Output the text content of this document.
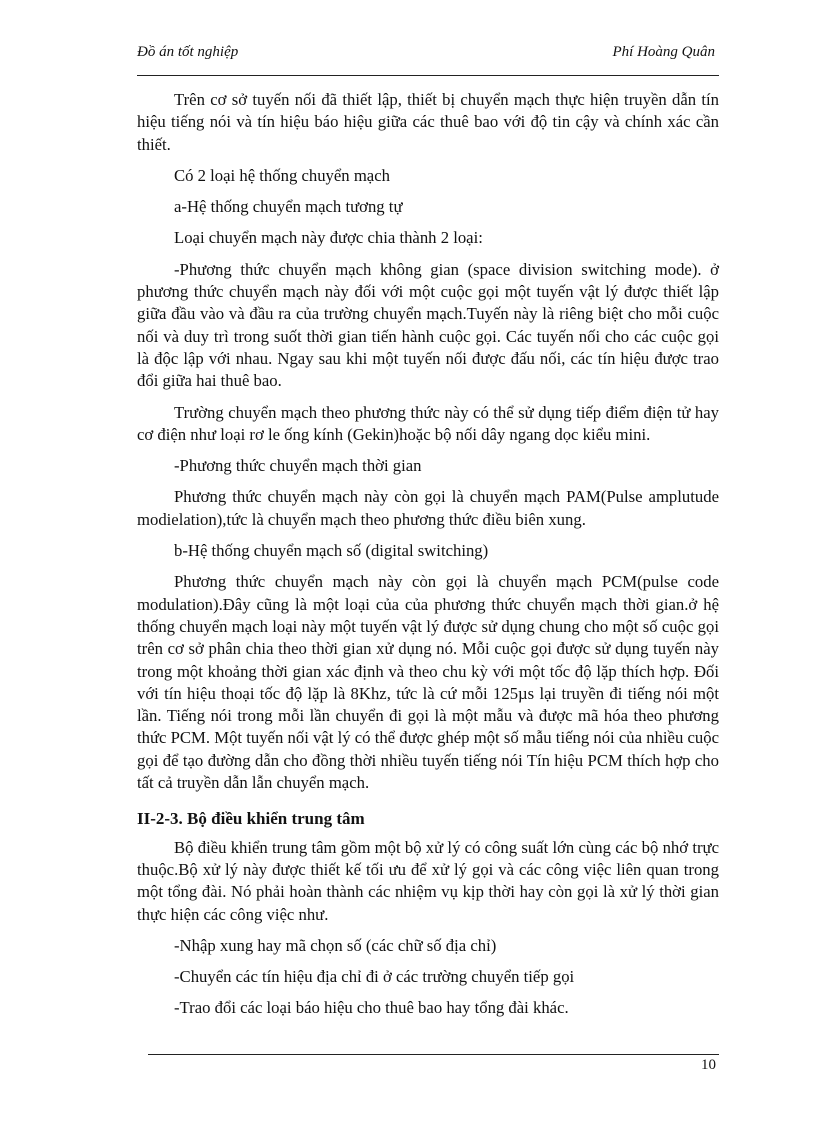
Đồ án tốt nghiệp	Phí Hoàng Quân

Trên cơ sở tuyến nối đã thiết lập, thiết bị chuyển mạch thực hiện truyền dẫn tín hiệu tiếng nói và tín hiệu báo hiệu giữa các thuê bao với độ tin cậy và chính xác cần thiết.

Có 2 loại hệ thống chuyển mạch

a-Hệ thống chuyển mạch tương tự

Loại chuyển mạch này được chia thành 2 loại:

-Phương thức chuyển mạch không gian (space division switching mode). ở phương thức chuyển mạch này đối với một cuộc gọi một tuyến vật lý được thiết lập giữa đầu vào và đầu ra của trường chuyển mạch.Tuyến này là riêng biệt cho mỗi cuộc nối và duy trì trong suốt thời gian tiến hành cuộc gọi. Các tuyến nối cho các cuộc gọi là độc lập với nhau. Ngay sau khi một tuyến nối được đấu nối, các tín hiệu được trao đổi giữa hai thuê bao.

Trường chuyển mạch theo phương thức này có thể sử dụng tiếp điểm điện tử hay cơ điện như loại rơ le ống kính (Gekin)hoặc bộ nối dây ngang dọc kiểu mini.

-Phương thức chuyển mạch thời gian

Phương thức chuyển mạch này còn gọi là chuyển mạch PAM(Pulse amplutude modielation),tức là chuyển mạch theo phương thức điều biên xung.

b-Hệ thống chuyển mạch số (digital switching)

Phương thức chuyển mạch này còn gọi là chuyển mạch PCM(pulse code modulation).Đây cũng là một loại của của phương thức chuyển mạch thời gian.ở hệ thống chuyển mạch loại này một tuyến vật lý được sử dụng chung cho một số cuộc gọi trên cơ sở phân chia theo thời gian xử dụng nó. Mỗi cuộc gọi được sử dụng tuyến này trong một khoảng thời gian xác định và theo chu kỳ với một tốc độ lặp thích hợp. Đối với tín hiệu thoại tốc độ lặp là 8Khz, tức là cứ mỗi 125µs lại truyền đi tiếng nói một lần. Tiếng nói trong mỗi lần chuyển đi gọi là một mẫu và được mã hóa theo phương thức PCM. Một tuyến nối vật lý có thể được ghép một số mẫu tiếng nói của nhiều cuộc gọi để tạo đường dẫn cho đồng thời nhiều tuyến tiếng nói Tín hiệu PCM thích hợp cho tất cả truyền dẫn lẫn chuyển mạch.

II-2-3. Bộ điều khiển trung tâm

Bộ điều khiển trung tâm gồm một bộ xử lý có công suất lớn cùng các bộ nhớ trực thuộc.Bộ xử lý này được thiết kế tối ưu để xử lý gọi và các công việc liên quan trong một tổng đài. Nó phải hoàn thành các nhiệm vụ kịp thời hay còn gọi là xử lý thời gian thực hiện các công việc như.

-Nhập xung hay mã chọn số (các chữ số địa chỉ)

-Chuyển các tín hiệu địa chỉ đi ở các trường chuyển tiếp gọi

-Trao đổi các loại báo hiệu cho thuê bao hay tổng đài khác.

10
